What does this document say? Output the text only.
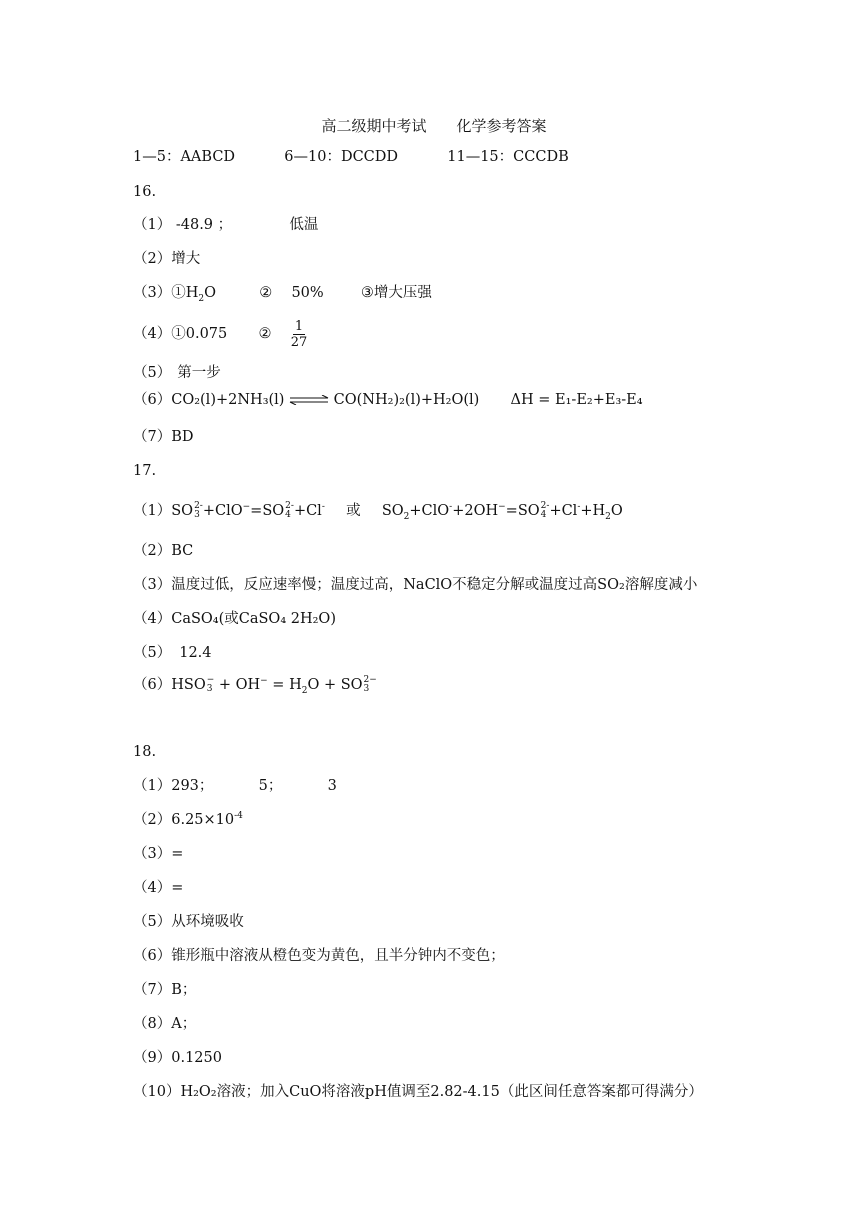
高二级期中考试 化学参考答案
1—5：AABCD	6—10：DCCDD	11—15：CCCDB
16.
（1） -48.9 ；	低温
（2）增大
$(3)①H_2O$	② 50%	③增大压强
（4）①0.075 ② $\frac{1}{27}$
（5） 第一步
（6）CO₂(l)+2NH₃(l) ⇌ CO(NH₂)₂(l)+H₂O(l) ΔH = E₁-E₂+E₃-E₄
（7）BD
17.
（1）SO 2-
3 +ClO−=SO 2-
4 +Cl- 或 $SO_2+ClO^-+2OH^-=SO$ 2-
$4 +Cl^-+H_2O$
（2）BC
（3）温度过低，反应速率慢；温度过高，NaClO不稳定分解或温度过高SO₂溶解度减小
（4）CaSO₄(或CaSO₄ 2H₂O)
（5） 12.4
（6）HSO −
$3 + OH^- = H_2O$ + SO 2−
3
18.
（1）293；	5；	3
$(2)6.25\times 10^{-4}$
（3）=
（4）=
（5）从环境吸收
（6）锥形瓶中溶液从橙色变为黄色，且半分钟内不变色；
（7）B；
（8）A；
（9）0.1250
（10）H₂O₂溶液；加入CuO将溶液pH值调至2.82-4.15（此区间任意答案都可得满分）
